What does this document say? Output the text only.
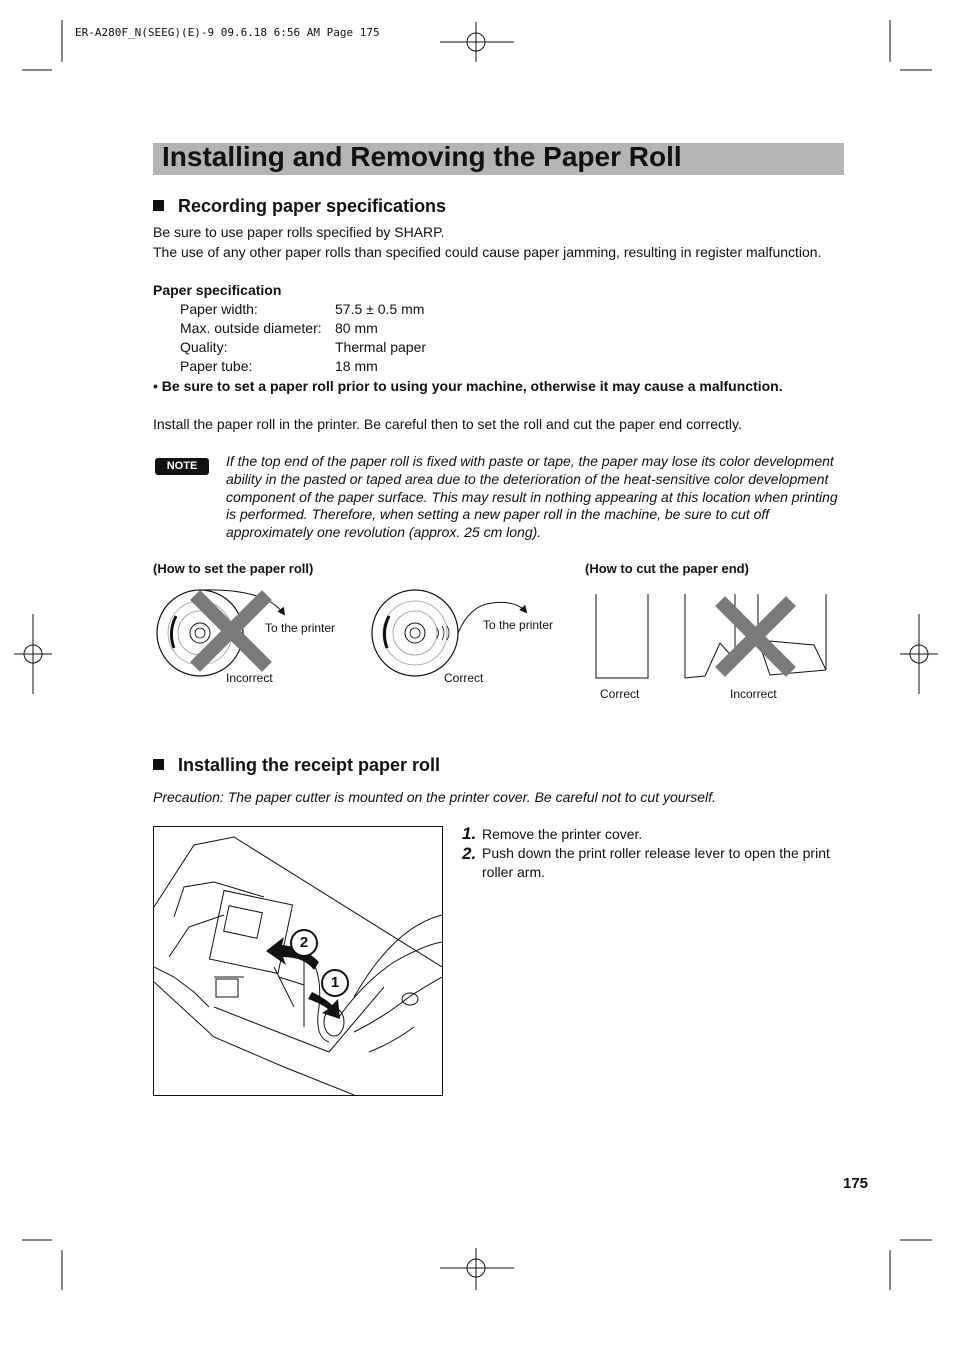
ER-A280F_N(SEEG)(E)-9 09.6.18 6:56 AM Page 175
Installing and Removing the Paper Roll
Recording paper specifications
Be sure to use paper rolls specified by SHARP.
The use of any other paper rolls than specified could cause paper jamming, resulting in register malfunction.
Paper specification
Paper width:	57.5 ± 0.5 mm
Max. outside diameter: 80 mm
Quality:	Thermal paper
Paper tube:	18 mm
• Be sure to set a paper roll prior to using your machine, otherwise it may cause a malfunction.
Install the paper roll in the printer. Be careful then to set the roll and cut the paper end correctly.
NOTE	If the top end of the paper roll is fixed with paste or tape, the paper may lose its color development ability in the pasted or taped area due to the deterioration of the heat-sensitive color development component of the paper surface. This may result in nothing appearing at this location when printing is performed. Therefore, when setting a new paper roll in the machine, be sure to cut off approximately one revolution (approx. 25 cm long).
(How to set the paper roll)	(How to cut the paper end)
To the printer
Incorrect
To the printer
Correct
Correct	Incorrect
Installing the receipt paper roll
Precaution: The paper cutter is mounted on the printer cover. Be careful not to cut yourself.
2
1
1. Remove the printer cover.
2. Push down the print roller release lever to open the print roller arm.
175
